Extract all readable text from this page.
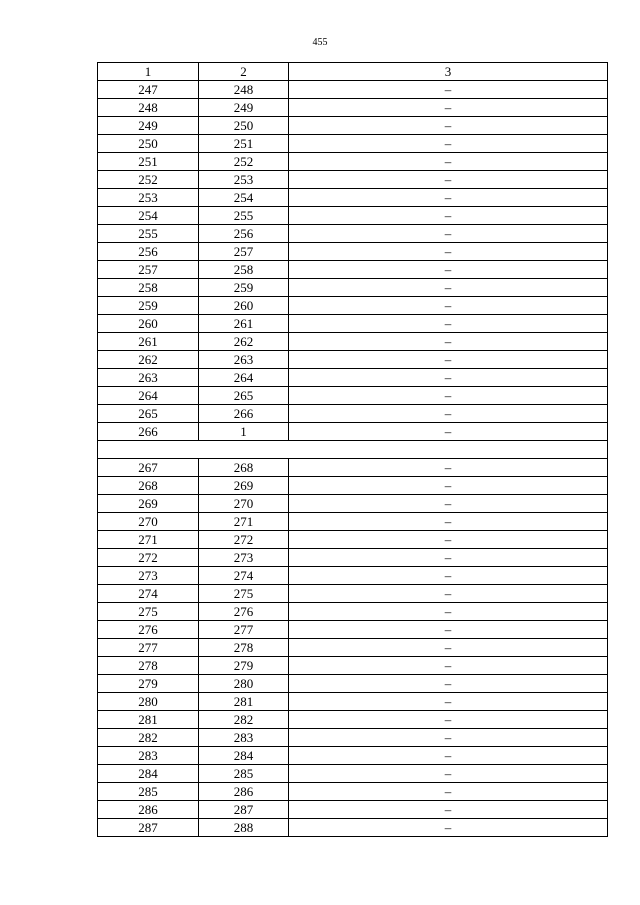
455
1	2	3
247	248	–
248	249	–
249	250	–
250	251	–
251	252	–
252	253	–
253	254	–
254	255	–
255	256	–
256	257	–
257	258	–
258	259	–
259	260	–
260	261	–
261	262	–
262	263	–
263	264	–
264	265	–
265	266	–
266	1	–

267	268	–
268	269	–
269	270	–
270	271	–
271	272	–
272	273	–
273	274	–
274	275	–
275	276	–
276	277	–
277	278	–
278	279	–
279	280	–
280	281	–
281	282	–
282	283	–
283	284	–
284	285	–
285	286	–
286	287	–
287	288	–
